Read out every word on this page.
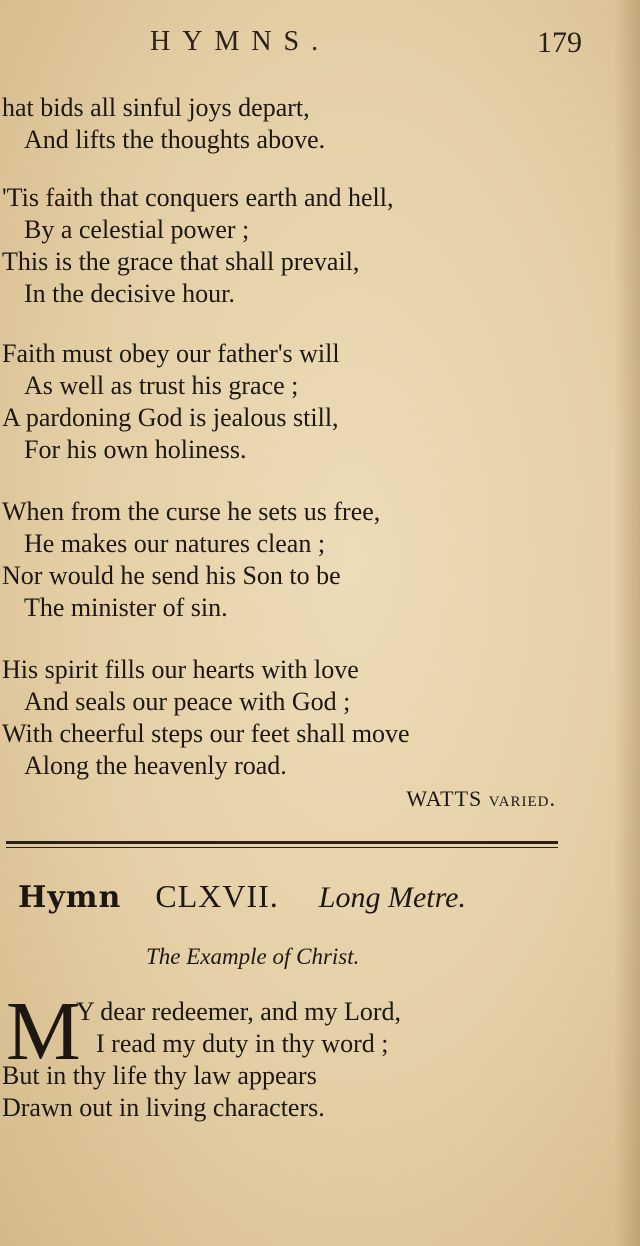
HYMNS.	179
hat bids all sinful joys depart,
And lifts the thoughts above.
'Tis faith that conquers earth and hell,
By a celestial power ;
This is the grace that shall prevail,
In the decisive hour.
Faith must obey our father's will
As well as trust his grace ;
A pardoning God is jealous still,
For his own holiness.
When from the curse he sets us free,
He makes our natures clean ;
Nor would he send his Son to be
The minister of sin.
His spirit fills our hearts with love
And seals our peace with God ;
With cheerful steps our feet shall move
Along the heavenly road.
WATTS varied.
Hymn CLXVII. Long Metre.
The Example of Christ.
M
Y dear redeemer, and my Lord,
I read my duty in thy word ;
But in thy life thy law appears
Drawn out in living characters.
